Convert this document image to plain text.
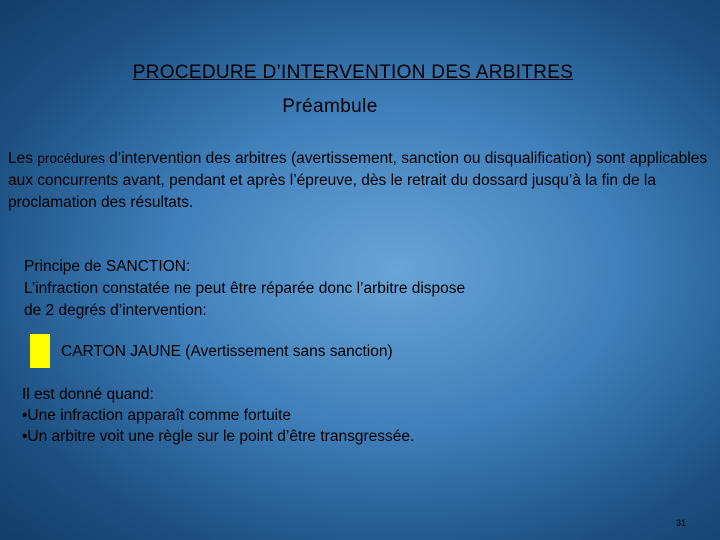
PROCEDURE D’INTERVENTION DES ARBITRES
Préambule
Les procédures d’intervention des arbitres (avertissement, sanction ou disqualification) sont applicables aux concurrents avant, pendant et après l’épreuve, dès le retrait du dossard jusqu’à la fin de la proclamation des résultats.
Principe de SANCTION:
L’infraction constatée ne peut être réparée donc l’arbitre dispose
de 2 degrés d’intervention:
CARTON JAUNE (Avertissement sans sanction)
Il est donné quand:
•Une infraction apparaît comme fortuite
•Un arbitre voit une règle sur le point d’être transgressée.
31
